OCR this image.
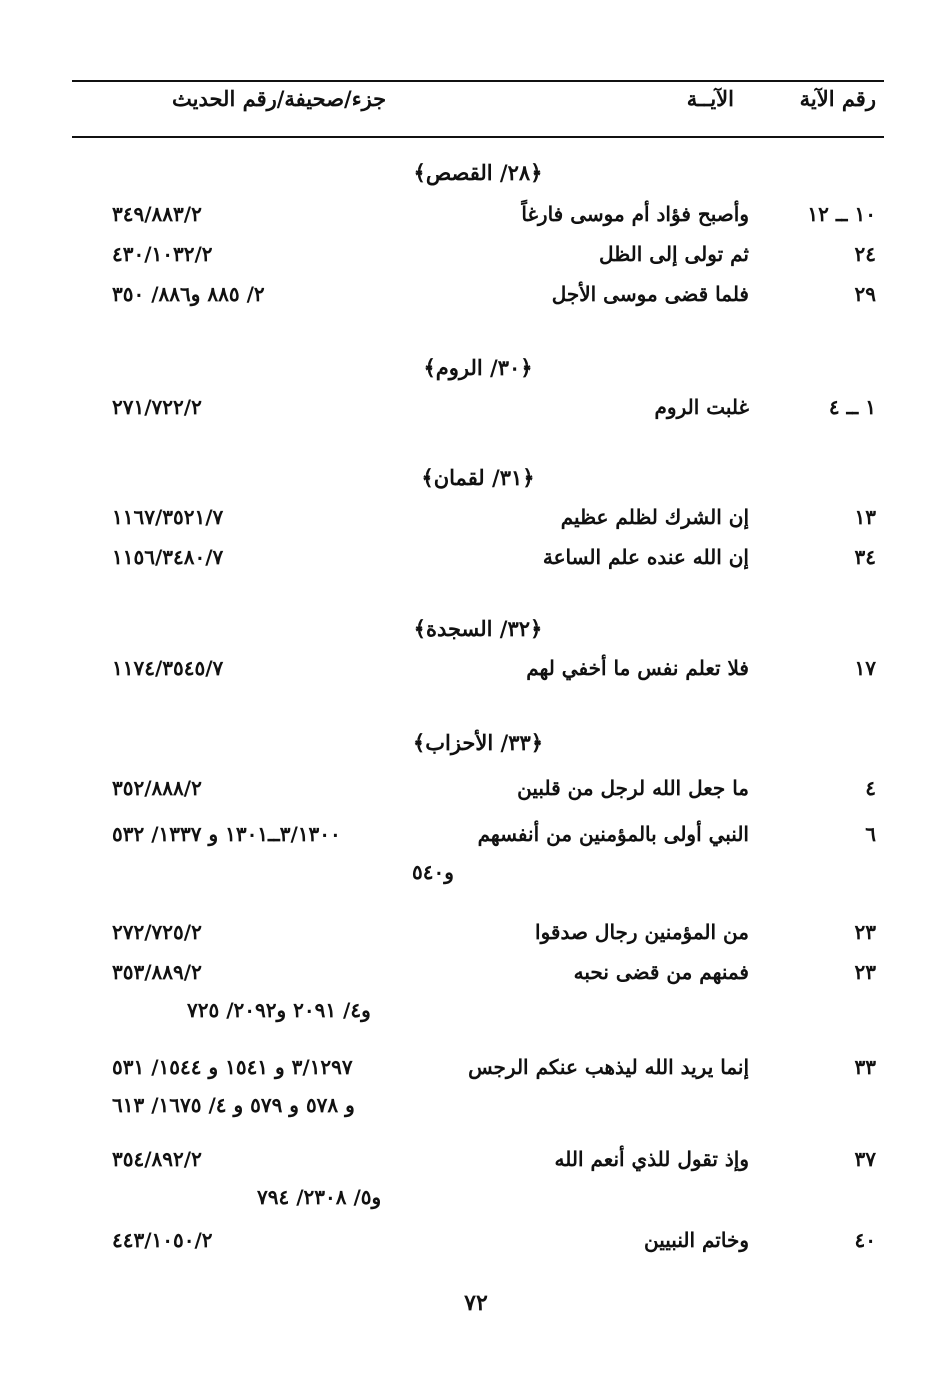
رقم الآية
الآيــة
جزء/صحيفة/رقم الحديث
﴿٢٨/ القصص﴾
١٠ ــ ١٢
وأصبح فؤاد أم موسى فارغاً
٣٤٩/٨٨٣/٢
٢٤
ثم تولى إلى الظل
٤٣٠/١٠٣٢/٢
٢٩
فلما قضى موسى الأجل
٢/ ٨٨٥ و٨٨٦/ ٣٥٠
﴿٣٠/ الروم﴾
١ ــ ٤
غلبت الروم
٢٧١/٧٢٢/٢
﴿٣١/ لقمان﴾
١٣
إن الشرك لظلم عظيم
١١٦٧/٣٥٢١/٧
٣٤
إن الله عنده علم الساعة
١١٥٦/٣٤٨٠/٧
﴿٣٢/ السجدة﴾
١٧
فلا تعلم نفس ما أخفي لهم
١١٧٤/٣٥٤٥/٧
﴿٣٣/ الأحزاب﴾
٤
ما جعل الله لرجل من قلبين
٣٥٢/٨٨٨/٢
٦
النبي أولى بالمؤمنين من أنفسهم
٣/١٣٠٠ــ١٣٠١ و ١٣٣٧/ ٥٣٢
و٥٤٠
٢٣
من المؤمنين رجال صدقوا
٢٧٢/٧٢٥/٢
٢٣
فمنهم من قضى نحبه
٣٥٣/٨٨٩/٢
و٤/ ٢٠٩١ و٢٠٩٢/ ٧٢٥
٣٣
إنما يريد الله ليذهب عنكم الرجس
٣/١٢٩٧ و ١٥٤١ و ١٥٤٤/ ٥٣١
و ٥٧٨ و ٥٧٩ و ٤/ ١٦٧٥/ ٦١٣
٣٧
وإذ تقول للذي أنعم الله
٣٥٤/٨٩٢/٢
و٥/ ٢٣٠٨/ ٧٩٤
٤٠
وخاتم النبيين
٤٤٣/١٠٥٠/٢
٧٢
